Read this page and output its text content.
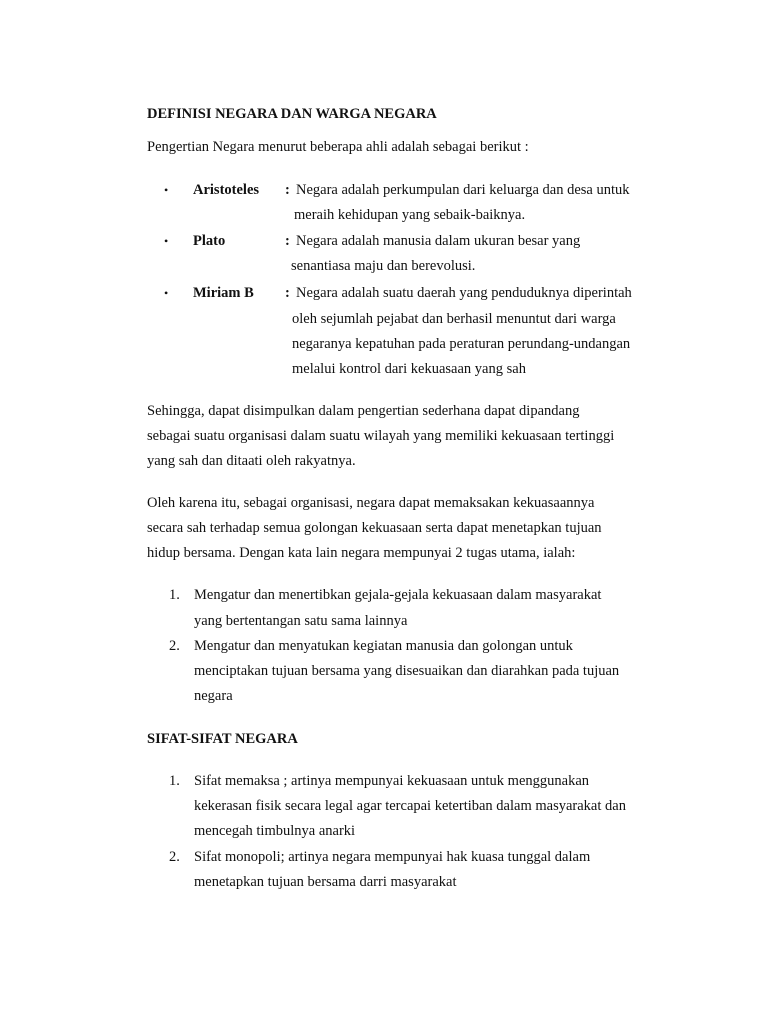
DEFINISI NEGARA DAN WARGA NEGARA
Pengertian Negara menurut beberapa ahli adalah sebagai berikut :
• Aristoteles : Negara adalah perkumpulan dari keluarga dan desa untuk
meraih kehidupan yang sebaik-baiknya.
• Plato	: Negara adalah manusia dalam ukuran besar yang
senantiasa maju dan berevolusi.
• Miriam B : Negara adalah suatu daerah yang penduduknya diperintah
oleh sejumlah pejabat dan berhasil menuntut dari warga
negaranya kepatuhan pada peraturan perundang-undangan
melalui kontrol dari kekuasaan yang sah
Sehingga, dapat disimpulkan dalam pengertian sederhana dapat dipandang
sebagai suatu organisasi dalam suatu wilayah yang memiliki kekuasaan tertinggi
yang sah dan ditaati oleh rakyatnya.
Oleh karena itu, sebagai organisasi, negara dapat memaksakan kekuasaannya
secara sah terhadap semua golongan kekuasaan serta dapat menetapkan tujuan
hidup bersama. Dengan kata lain negara mempunyai 2 tugas utama, ialah:
1. Mengatur dan menertibkan gejala-gejala kekuasaan dalam masyarakat
yang bertentangan satu sama lainnya
2. Mengatur dan menyatukan kegiatan manusia dan golongan untuk
menciptakan tujuan bersama yang disesuaikan dan diarahkan pada tujuan
negara
SIFAT-SIFAT NEGARA
1. Sifat memaksa ; artinya mempunyai kekuasaan untuk menggunakan
kekerasan fisik secara legal agar tercapai ketertiban dalam masyarakat dan
mencegah timbulnya anarki
2. Sifat monopoli; artinya negara mempunyai hak kuasa tunggal dalam
menetapkan tujuan bersama darri masyarakat
